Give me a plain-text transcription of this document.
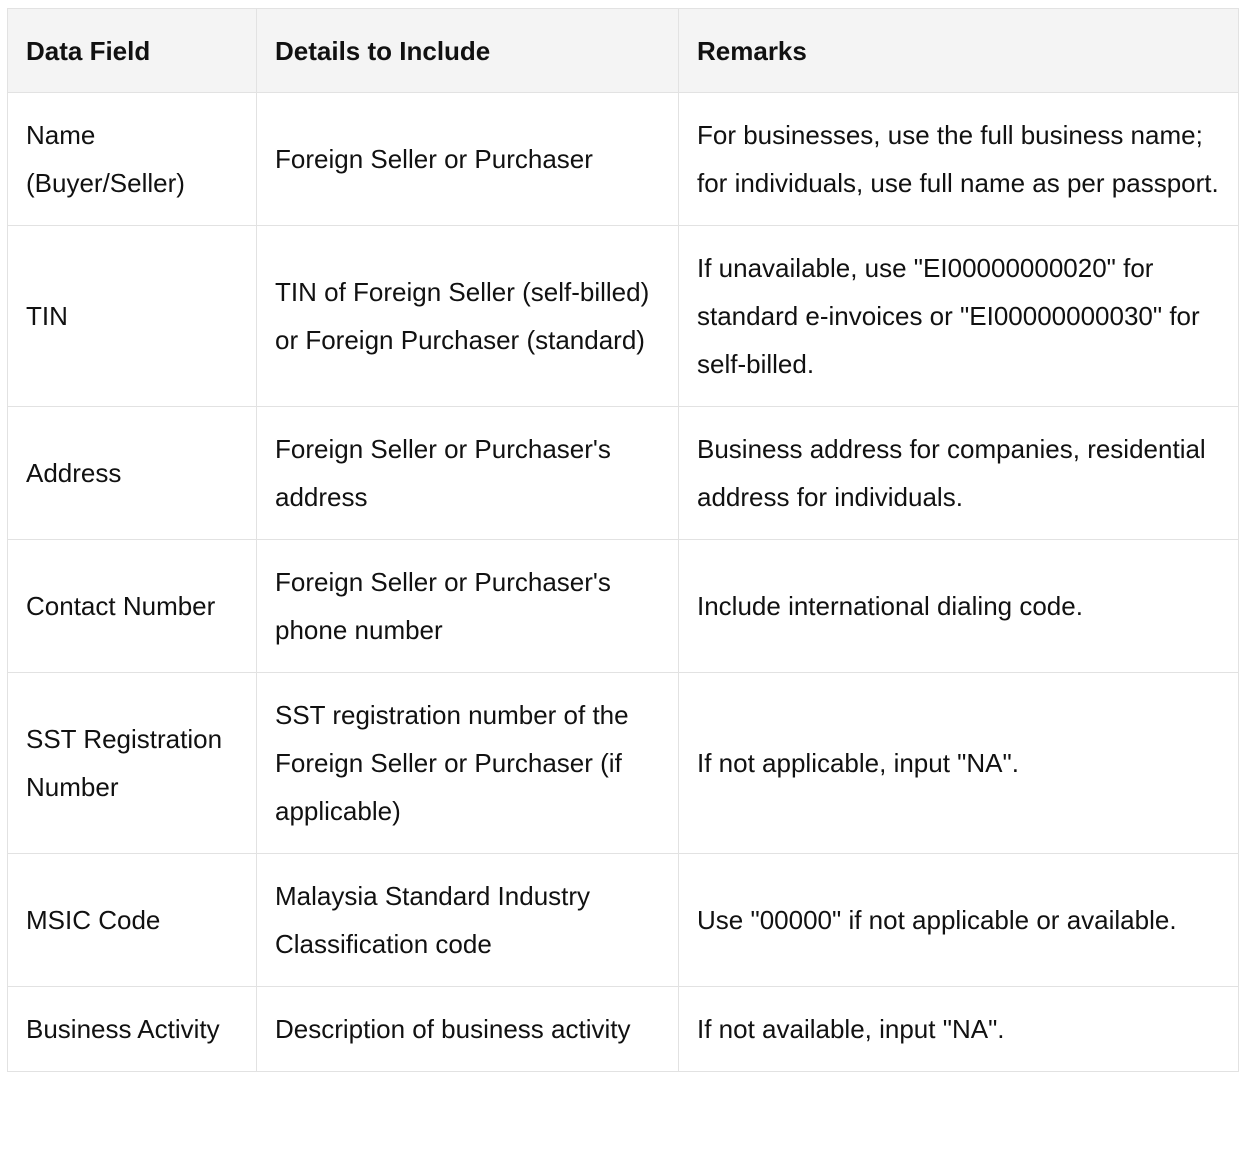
Data Field	Details to Include	Remarks
Name (Buyer/Seller)	Foreign Seller or Purchaser	For businesses, use the full business name; for individuals, use full name as per passport.
TIN	TIN of Foreign Seller (self-billed) or Foreign Purchaser (standard)	If unavailable, use "EI00000000020" for standard e-invoices or "EI00000000030" for self-billed.
Address	Foreign Seller or Purchaser's address	Business address for companies, residential address for individuals.
Contact Number	Foreign Seller or Purchaser's phone number	Include international dialing code.
SST Registration Number	SST registration number of the Foreign Seller or Purchaser (if applicable)	If not applicable, input "NA".
MSIC Code	Malaysia Standard Industry Classification code	Use "00000" if not applicable or available.
Business Activity	Description of business activity	If not available, input "NA".
